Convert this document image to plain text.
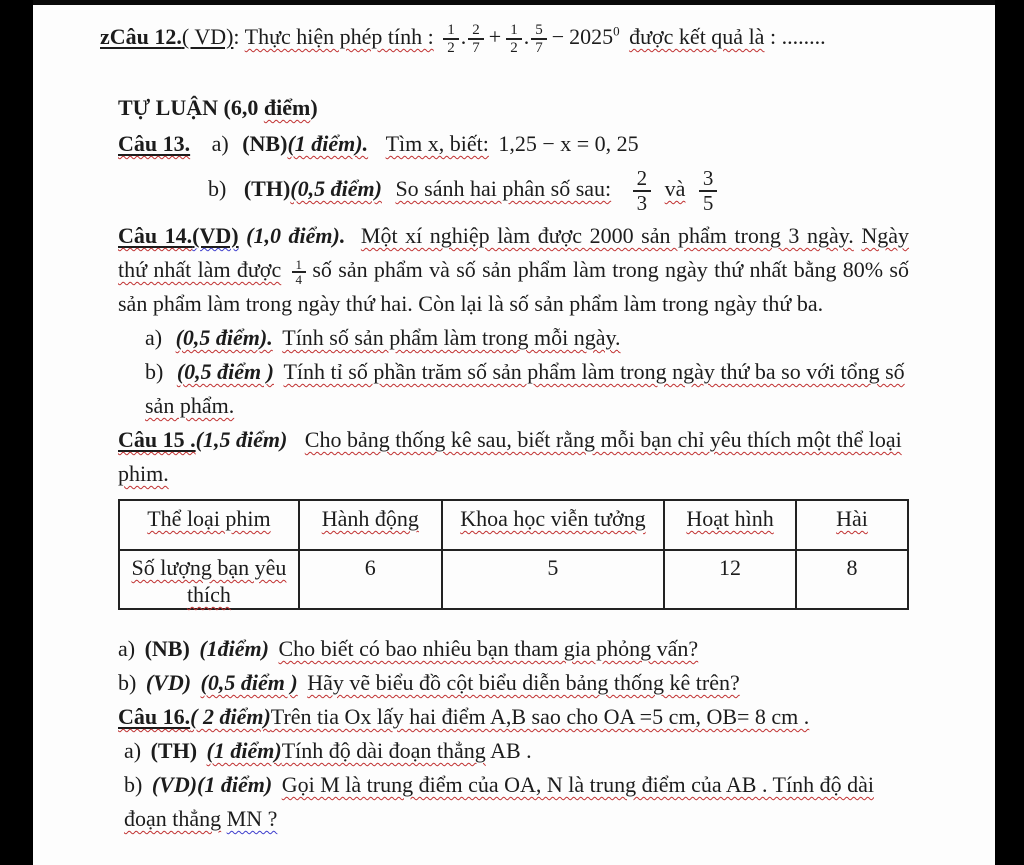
zCâu 12.( VD): Thực hiện phép tính : $\frac{1}{2}$ . $\frac{2}{7} + \frac{1}{2}$ . $\frac{5}{7} - 2025^0$ được kết quả là : ........

TỰ LUẬN (6,0 điểm)

Câu 13. a) (NB)(1 điểm). Tìm x, biết: 1,25 − x = 0, 25

b) (TH)(0,5 điểm) So sánh hai phân số sau: $\frac{2}{3}$ và $\frac{3}{5}$

Câu 14.(VD) (1,0 điểm). Một xí nghiệp làm được 2000 sản phẩm trong 3 ngày. Ngày thứ nhất làm được $\frac{1}{4}$ số sản phẩm và số sản phẩm làm trong ngày thứ nhất bằng 80% số sản phẩm làm trong ngày thứ hai. Còn lại là số sản phẩm làm trong ngày thứ ba.

a) (0,5 điểm). Tính số sản phẩm làm trong mỗi ngày.

b) (0,5 điểm ) Tính tỉ số phần trăm số sản phẩm làm trong ngày thứ ba so với tổng số sản phẩm.

Câu 15 .(1,5 điểm) Cho bảng thống kê sau, biết rằng mỗi bạn chỉ yêu thích một thể loại phim.

Thể loại phim	Hành động	Khoa học viễn tưởng	Hoạt hình	Hài
Số lượng bạn yêu thích	6	5	12	8

a) (NB) (1điểm) Cho biết có bao nhiêu bạn tham gia phỏng vấn?

b) (VD) (0,5 điểm ) Hãy vẽ biểu đồ cột biểu diễn bảng thống kê trên?

Câu 16.( 2 điểm)Trên tia Ox lấy hai điểm A,B sao cho OA =5 cm, OB= 8 cm .

a) (TH) (1 điểm)Tính độ dài đoạn thẳng AB .

b) (VD)(1 điểm) Gọi M là trung điểm của OA, N là trung điểm của AB . Tính độ dài đoạn thẳng MN ?
